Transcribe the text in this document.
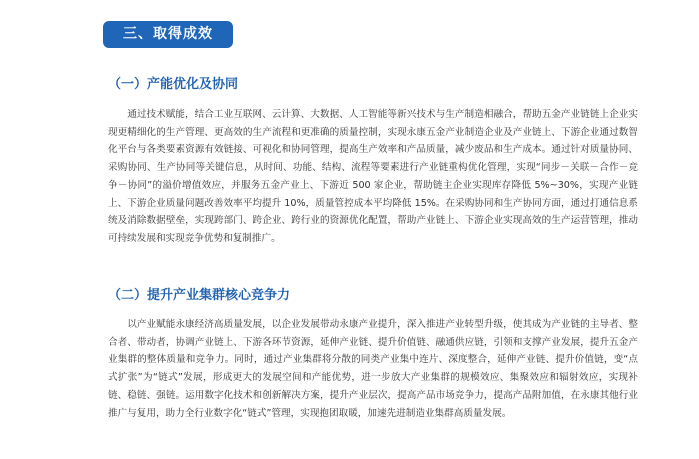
三、取得成效
（一）产能优化及协同

通过技术赋能，结合工业互联网、云计算、大数据、人工智能等新兴技术与生产制造相融合，帮助五金产业链链上企业实现更精细化的生产管理、更高效的生产流程和更准确的质量控制，实现永康五金产业制造企业及产业链上、下游企业通过数智化平台与各类要素资源有效链接、可视化和协同管理，提高生产效率和产品质量，减少废品和生产成本。通过针对质量协同、采购协同、生产协同等关键信息，从时间、功能、结构、流程等要素进行产业链重构优化管理，实现“同步－关联－合作－竞争－协同”的溢价增值效应，并服务五金产业上、下游近 500 家企业，帮助链主企业实现库存降低 5%~30%，实现产业链上、下游企业质量问题改善效率平均提升 10%，质量管控成本平均降低 15%。在采购协同和生产协同方面，通过打通信息系统及消除数据壁垒，实现跨部门、跨企业、跨行业的资源优化配置，帮助产业链上、下游企业实现高效的生产运营管理，推动可持续发展和实现竞争优势和复制推广。

（二）提升产业集群核心竞争力

以产业赋能永康经济高质量发展，以企业发展带动永康产业提升，深入推进产业转型升级，使其成为产业链的主导者、整合者、带动者，协调产业链上、下游各环节资源，延伸产业链、提升价值链、融通供应链，引领和支撑产业发展，提升五金产业集群的整体质量和竞争力。同时，通过产业集群将分散的同类产业集中连片、深度整合，延伸产业链、提升价值链，变“点式扩张”为“链式”发展，形成更大的发展空间和产能优势，进一步放大产业集群的规模效应、集聚效应和辐射效应，实现补链、稳链、强链。运用数字化技术和创新解决方案，提升产业层次，提高产品市场竞争力，提高产品附加值，在永康其他行业推广与复用，助力全行业数字化“链式”管理，实现抱团取暖，加速先进制造业集群高质量发展。
